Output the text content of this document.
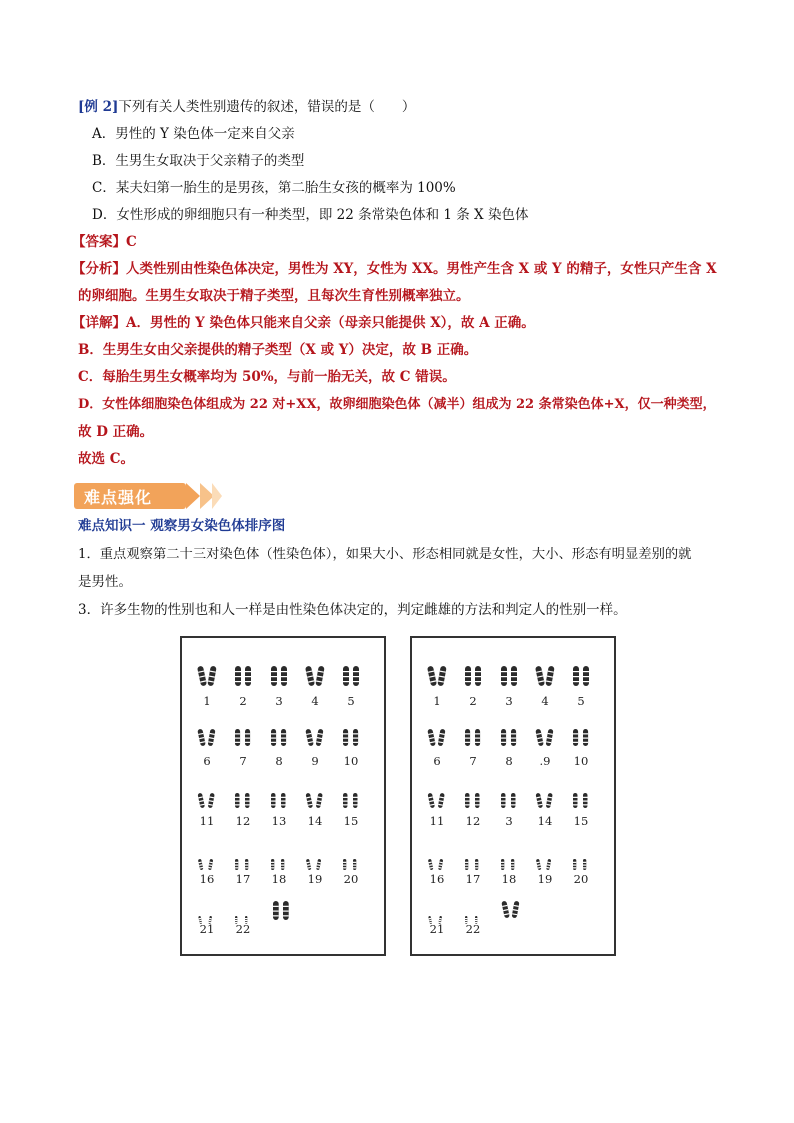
[例 2]下列有关人类性别遗传的叙述，错误的是（　　）
A．男性的 Y 染色体一定来自父亲
B．生男生女取决于父亲精子的类型
C．某夫妇第一胎生的是男孩，第二胎生女孩的概率为 100%
D．女性形成的卵细胞只有一种类型，即 22 条常染色体和 1 条 X 染色体
【答案】C
【分析】人类性别由性染色体决定，男性为 XY，女性为 XX。男性产生含 X 或 Y 的精子，女性只产生含 X
的卵细胞。生男生女取决于精子类型，且每次生育性别概率独立。
【详解】A．男性的 Y 染色体只能来自父亲（母亲只能提供 X），故 A 正确。
B．生男生女由父亲提供的精子类型（X 或 Y）决定，故 B 正确。
C．每胎生男生女概率均为 50%，与前一胎无关，故 C 错误。
D．女性体细胞染色体组成为 22 对+XX，故卵细胞染色体（减半）组成为 22 条常染色体+X，仅一种类型，
故 D 正确。
故选 C。
难点强化
难点知识一 观察男女染色体排序图
1．重点观察第二十三对染色体（性染色体），如果大小、形态相同就是女性，大小、形态有明显差别的就
是男性。
3．许多生物的性别也和人一样是由性染色体决定的，判定雌雄的方法和判定人的性别一样。
1	2	3	4	5
6	7	8	9	10
11 12 13 14 15
16 17 18 19 20
21 22
1	2	3	4	5
6	7	8	.9	10
11 12	3	14 15
16 17 18 19 20
21 22
